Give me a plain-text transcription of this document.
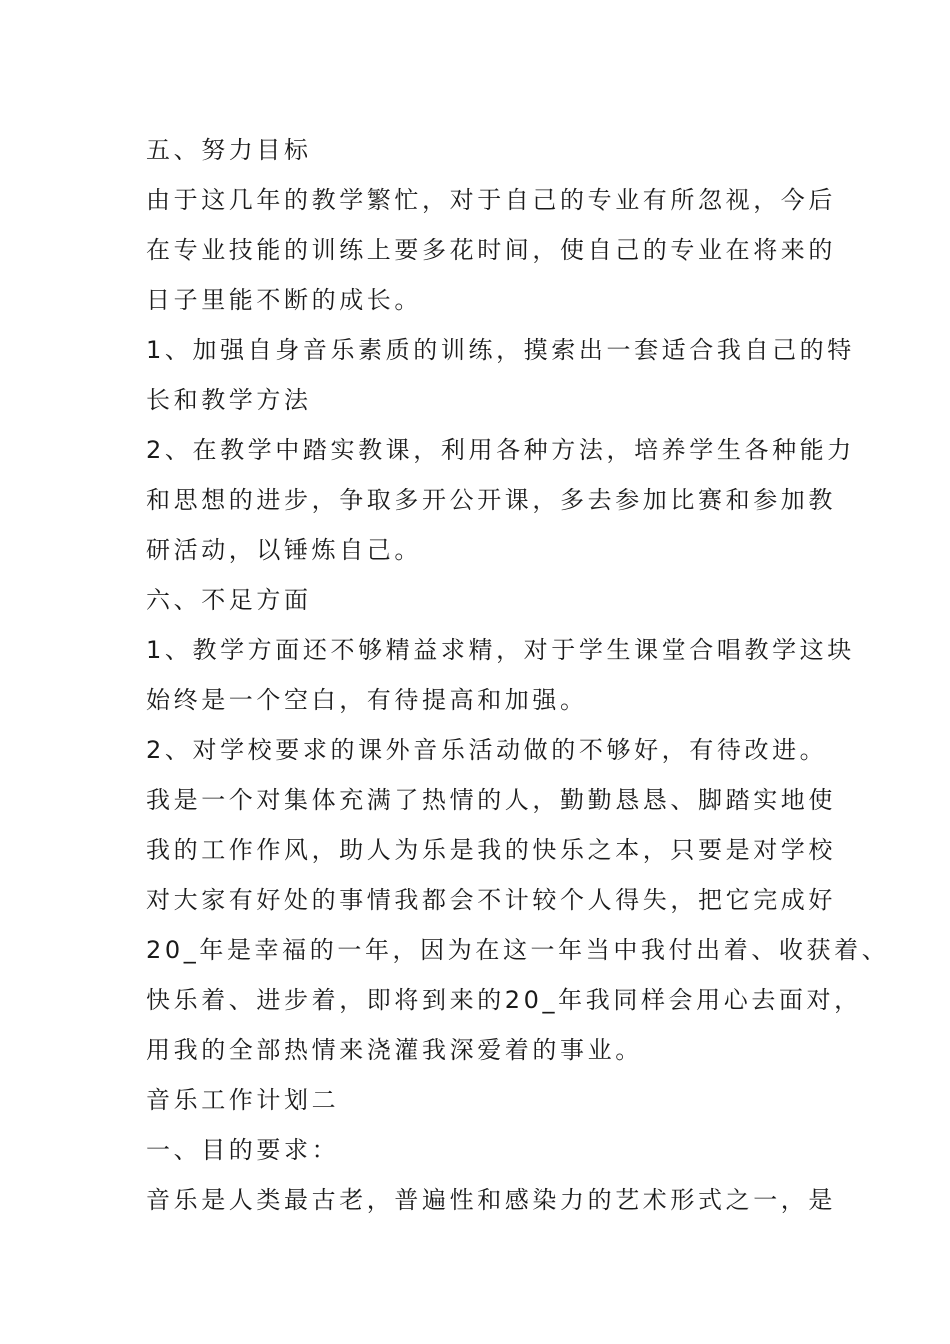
五、努力目标
由于这几年的教学繁忙，对于自己的专业有所忽视，今后
在专业技能的训练上要多花时间，使自己的专业在将来的
日子里能不断的成长。
1、加强自身音乐素质的训练，摸索出一套适合我自己的特
长和教学方法
2、在教学中踏实教课，利用各种方法，培养学生各种能力
和思想的进步，争取多开公开课，多去参加比赛和参加教
研活动，以锤炼自己。
六、不足方面
1、教学方面还不够精益求精，对于学生课堂合唱教学这块
始终是一个空白，有待提高和加强。
2、对学校要求的课外音乐活动做的不够好，有待改进。
我是一个对集体充满了热情的人，勤勤恳恳、脚踏实地使
我的工作作风，助人为乐是我的快乐之本，只要是对学校
对大家有好处的事情我都会不计较个人得失，把它完成好
20_年是幸福的一年，因为在这一年当中我付出着、收获着、
快乐着、进步着，即将到来的20_年我同样会用心去面对，
用我的全部热情来浇灌我深爱着的事业。
音乐工作计划二
一、目的要求：
音乐是人类最古老，普遍性和感染力的艺术形式之一，是
